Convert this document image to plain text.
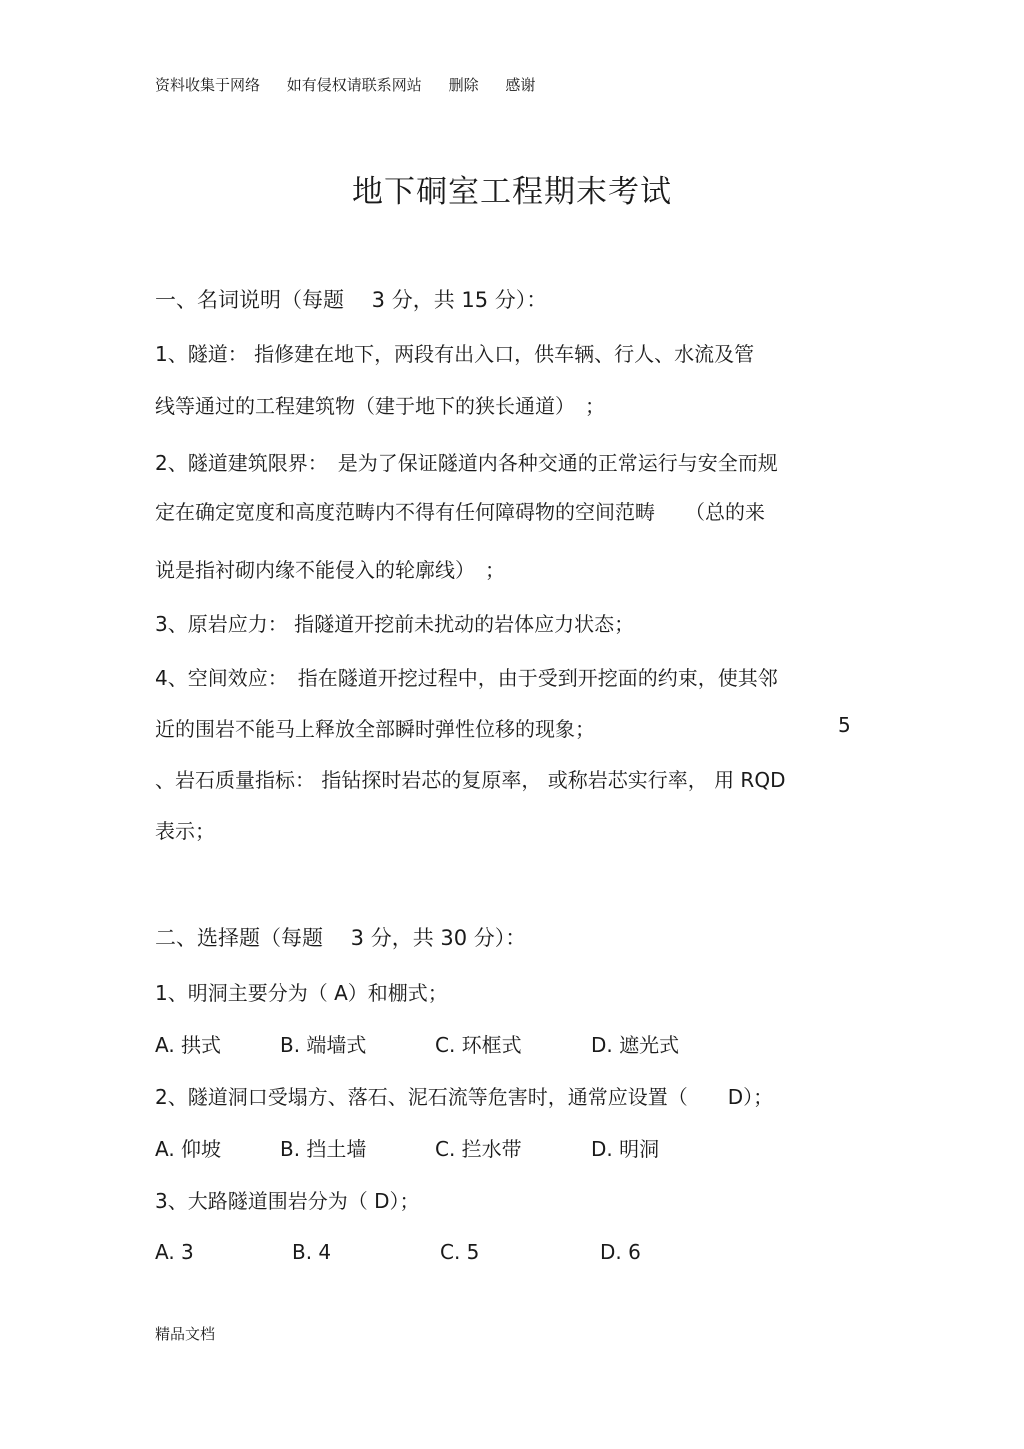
资料收集于网络 如有侵权请联系网站 删除 感谢
地下硐室工程期末考试
一、名词说明（每题　 3 分，共 15 分）：
1、隧道： 指修建在地下，两段有出入口，供车辆、行人、水流及管
线等通过的工程建筑物（建于地下的狭长通道）　；
2、隧道建筑限界：　是为了保证隧道内各种交通的正常运行与安全而规
定在确定宽度和高度范畴内不得有任何障碍物的空间范畴　　（总的来
说是指衬砌内缘不能侵入的轮廓线）　；
3、原岩应力： 指隧道开挖前未扰动的岩体应力状态；
4、空间效应：　指在隧道开挖过程中，由于受到开挖面的约束，使其邻
近的围岩不能马上释放全部瞬时弹性位移的现象；	5
、岩石质量指标： 指钻探时岩芯的复原率， 或称岩芯实行率， 用 RQD
表示；
二、选择题（每题　 3 分，共 30 分）：
1、明洞主要分为（ A）和棚式；
A. 拱式	B. 端墙式	C. 环框式	D. 遮光式
2、隧道洞口受塌方、落石、泥石流等危害时，通常应设置（　　D）；
A. 仰坡	B. 挡土墙	C. 拦水带	D. 明洞
3、大路隧道围岩分为（ D）；
A. 3	B. 4	C. 5	D. 6
精品文档
